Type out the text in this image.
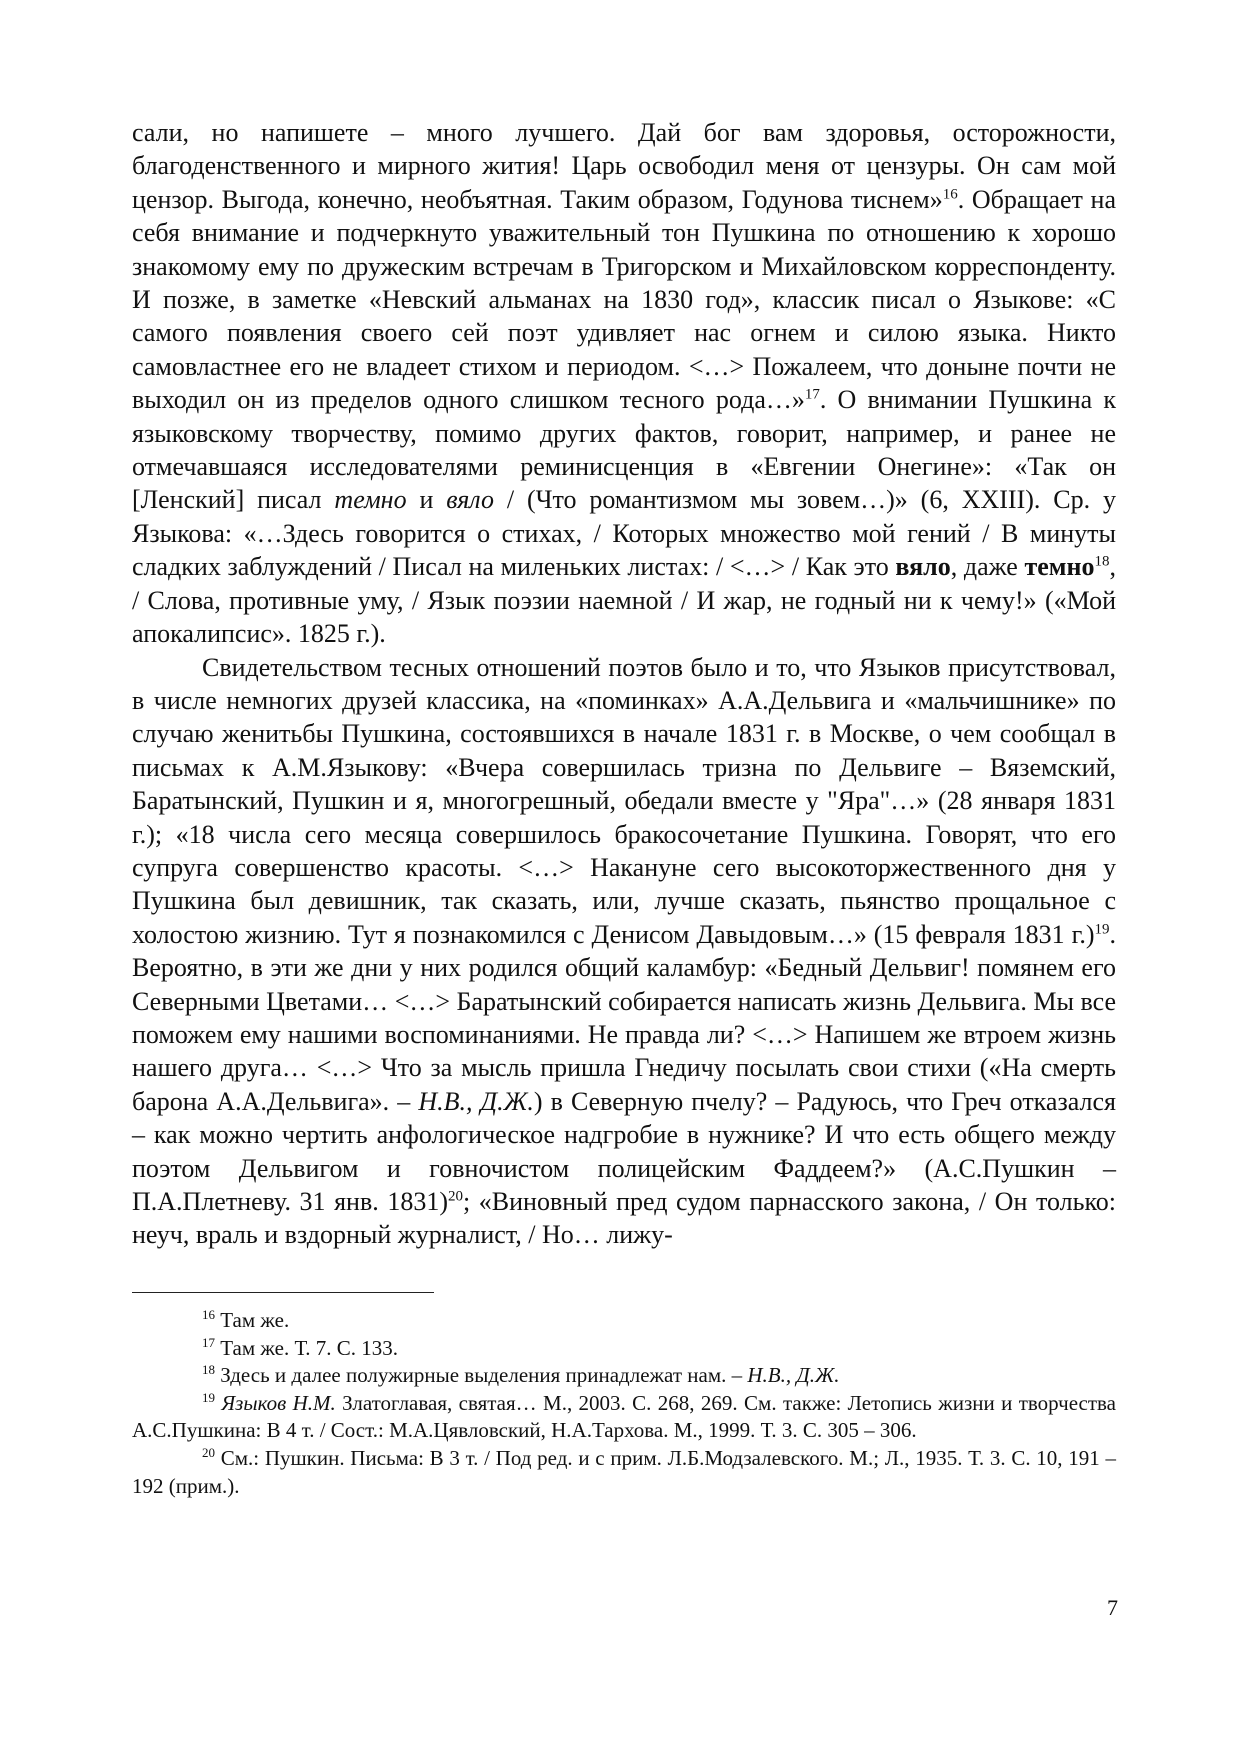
сали, но напишете – много лучшего. Дай бог вам здоровья, осторожности, благоденственного и мирного жития! Царь освободил меня от цензуры. Он сам мой цензор. Выгода, конечно, необъятная. Таким образом, Годунова тиснем»$^{16}$. Обращает на себя внимание и подчеркнуто уважительный тон Пушкина по отношению к хорошо знакомому ему по дружеским встречам в Тригорском и Михайловском корреспонденту. И позже, в заметке «Невский альманах на 1830 год», классик писал о Языкове: «С самого появления своего сей поэт удивляет нас огнем и силою языка. Никто самовластнее его не владеет стихом и периодом. <…> Пожалеем, что доныне почти не выходил он из пределов одного слишком тесного рода…»$^{17}$. О внимании Пушкина к языковскому творчеству, помимо других фактов, говорит, например, и ранее не отмечавшаяся исследователями реминисценция в «Евгении Онегине»: «Так он [Ленский] писал темно и вяло / (Что романтизмом мы зовем…)» (6, XXIII). Ср. у Языкова: «…Здесь говорится о стихах, / Которых множество мой гений / В минуты сладких заблуждений / Писал на миленьких листах: / <…> / Как это вяло, даже темно$^{18}$, / Слова, противные уму, / Язык поэзии наемной / И жар, не годный ни к чему!» («Мой апокалипсис». 1825 г.).

Свидетельством тесных отношений поэтов было и то, что Языков присутствовал, в числе немногих друзей классика, на «поминках» А.А.Дельвига и «мальчишнике» по случаю женитьбы Пушкина, состоявшихся в начале 1831 г. в Москве, о чем сообщал в письмах к А.М.Языкову: «Вчера совершилась тризна по Дельвиге – Вяземский, Баратынский, Пушкин и я, многогрешный, обедали вместе у "Яра"…» (28 января 1831 г.); «18 числа сего месяца совершилось бракосочетание Пушкина. Говорят, что его супруга совершенство красоты. <…> Накануне сего высокоторжественного дня у Пушкина был девишник, так сказать, или, лучше сказать, пьянство прощальное с холостою жизнию. Тут я познакомился с Денисом Давыдовым…» (15 февраля 1831 г.)$^{19}$. Вероятно, в эти же дни у них родился общий каламбур: «Бедный Дельвиг! помянем его Северными Цветами… <…> Баратынский собирается написать жизнь Дельвига. Мы все поможем ему нашими воспоминаниями. Не правда ли? <…> Напишем же втроем жизнь нашего друга… <…> Что за мысль пришла Гнедичу посылать свои стихи («На смерть барона А.А.Дельвига». – Н.В., Д.Ж.) в Северную пчелу? – Радуюсь, что Греч отказался – как можно чертить анфологическое надгробие в нужнике? И что есть общего между поэтом Дельвигом и говночистом полицейским Фаддеем?» (А.С.Пушкин – П.А.Плетневу. 31 янв. 1831)$^{20}$; «Виновный пред судом парнасского закона, / Он только: неуч, враль и вздорный журналист, / Но… лижу-

$^{16}$ Там же.

$^{17}$ Там же. Т. 7. С. 133.

$^{18}$ Здесь и далее полужирные выделения принадлежат нам. – Н.В., Д.Ж.

$^{19}$ Языков Н.М. Златоглавая, святая… М., 2003. С. 268, 269. См. также: Летопись жизни и творчества А.С.Пушкина: В 4 т. / Сост.: М.А.Цявловский, Н.А.Тархова. М., 1999. Т. 3. С. 305 – 306.

$^{20}$ См.: Пушкин. Письма: В 3 т. / Под ред. и с прим. Л.Б.Модзалевского. М.; Л., 1935. Т. 3. С. 10, 191 – 192 (прим.).

7
